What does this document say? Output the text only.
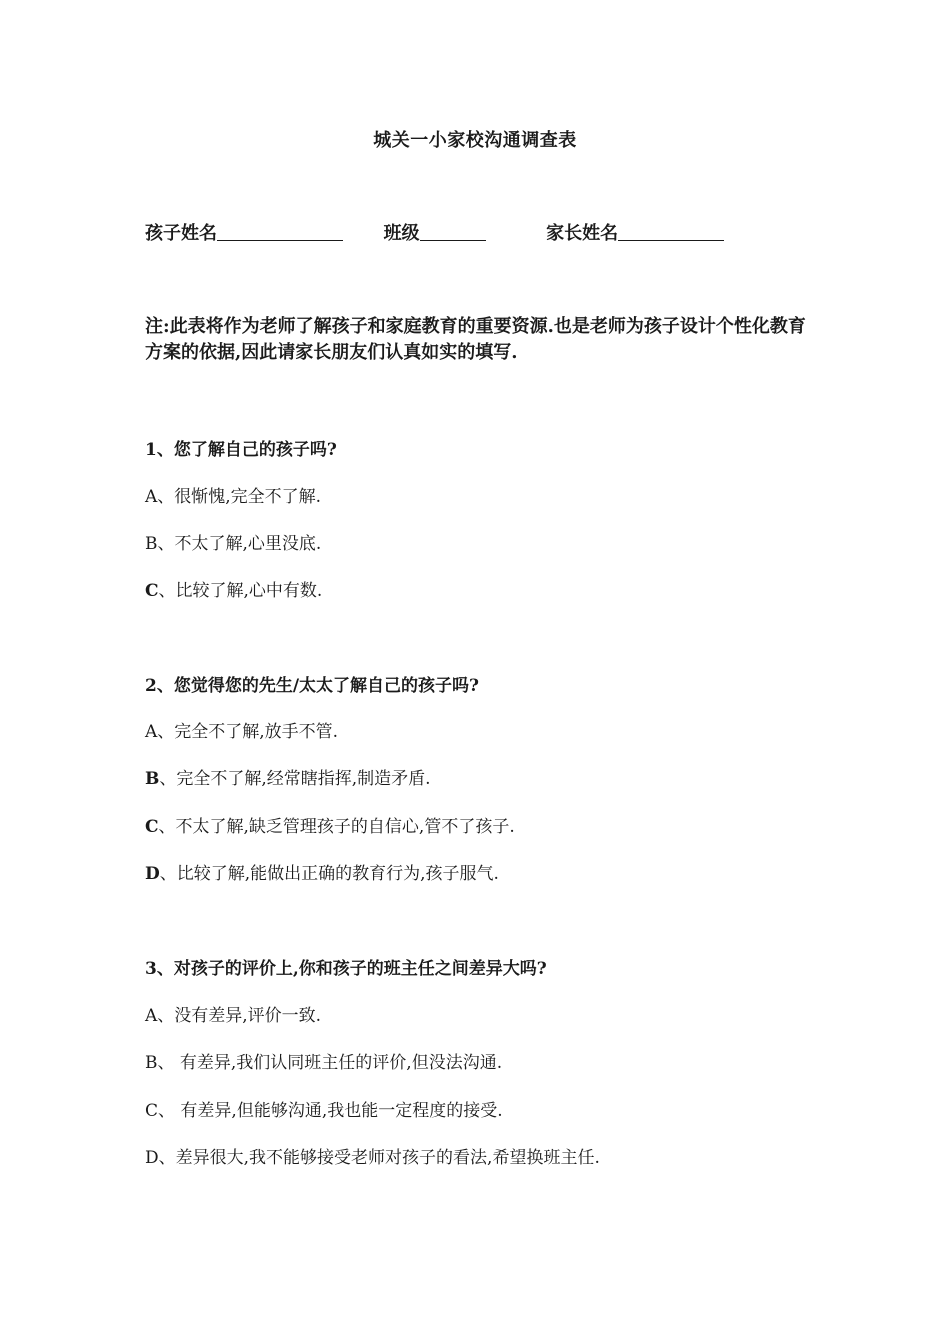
城关一小家校沟通调查表
孩子姓名	班级	家长姓名
注:此表将作为老师了解孩子和家庭教育的重要资源.也是老师为孩子设计个性化教育方案的依据,因此请家长朋友们认真如实的填写.
1、您了解自己的孩子吗?
A、很惭愧,完全不了解.
B、不太了解,心里没底.
C、比较了解,心中有数.
2、您觉得您的先生/太太了解自己的孩子吗?
A、完全不了解,放手不管.
B、完全不了解,经常瞎指挥,制造矛盾.
C、不太了解,缺乏管理孩子的自信心,管不了孩子.
D、比较了解,能做出正确的教育行为,孩子服气.
3、对孩子的评价上,你和孩子的班主任之间差异大吗?
A、没有差异,评价一致.
B、 有差异,我们认同班主任的评价,但没法沟通.
C、 有差异,但能够沟通,我也能一定程度的接受.
D、差异很大,我不能够接受老师对孩子的看法,希望换班主任.
